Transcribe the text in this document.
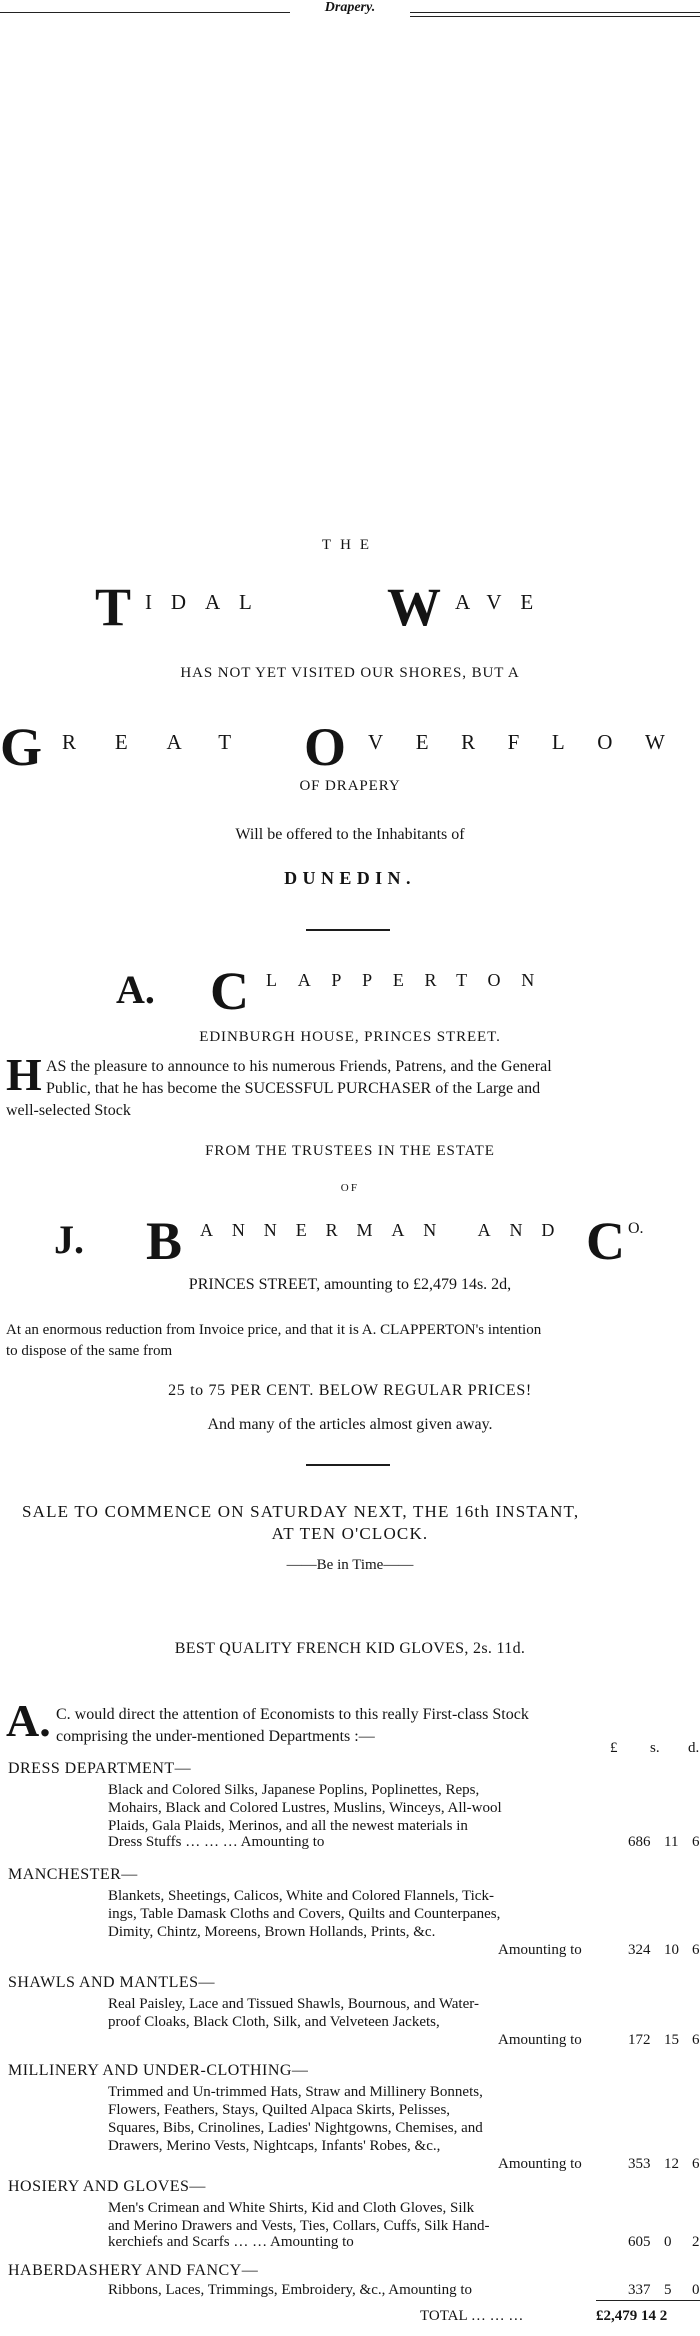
Drapery.
THE
T IDAL W AVE
HAS NOT YET VISITED OUR SHORES, BUT A
G REAT O VERFLOW
OF DRAPERY
Will be offered to the Inhabitants of
DUNEDIN.
A. C LAPPERTON
EDINBURGH HOUSE, PRINCES STREET.
H AS the pleasure to announce to his numerous Friends, Patrens, and the General
Public, that he has become the SUCESSFUL PURCHASER of the Large and
well-selected Stock
FROM THE TRUSTEES IN THE ESTATE
OF
J. B ANNERMAN AND C O.
PRINCES STREET, amounting to £2,479 14s. 2d,
At an enormous reduction from Invoice price, and that it is A. CLAPPERTON's intention
to dispose of the same from
25 to 75 PER CENT. BELOW REGULAR PRICES!
And many of the articles almost given away.
SALE TO COMMENCE ON SATURDAY NEXT, THE 16th INSTANT,
AT TEN O'CLOCK.
——Be in Time——
BEST QUALITY FRENCH KID GLOVES, 2s. 11d.
A. C. would direct the attention of Economists to this really First-class Stock
comprising the under-mentioned Departments :—
£ s. d.
DRESS DEPARTMENT—
Black and Colored Silks, Japanese Poplins, Poplinettes, Reps,
Mohairs, Black and Colored Lustres, Muslins, Winceys, All-wool
Plaids, Gala Plaids, Merinos, and all the newest materials in
Dress Stuffs … … … Amounting to	686 11 6
MANCHESTER—
Blankets, Sheetings, Calicos, White and Colored Flannels, Tick-
ings, Table Damask Cloths and Covers, Quilts and Counterpanes,
Dimity, Chintz, Moreens, Brown Hollands, Prints, &c.
Amounting to	324 10 6
SHAWLS AND MANTLES—
Real Paisley, Lace and Tissued Shawls, Bournous, and Water-
proof Cloaks, Black Cloth, Silk, and Velveteen Jackets,
Amounting to	172 15 6
MILLINERY AND UNDER-CLOTHING—
Trimmed and Un-trimmed Hats, Straw and Millinery Bonnets,
Flowers, Feathers, Stays, Quilted Alpaca Skirts, Pelisses,
Squares, Bibs, Crinolines, Ladies' Nightgowns, Chemises, and
Drawers, Merino Vests, Nightcaps, Infants' Robes, &c.,
Amounting to	353 12 6
HOSIERY AND GLOVES—
Men's Crimean and White Shirts, Kid and Cloth Gloves, Silk
and Merino Drawers and Vests, Ties, Collars, Cuffs, Silk Hand-
kerchiefs and Scarfs … … Amounting to	605 0 2
HABERDASHERY AND FANCY—
Ribbons, Laces, Trimmings, Embroidery, &c., Amounting to	337 5 0
TOTAL … … …	£2,479 14 2
